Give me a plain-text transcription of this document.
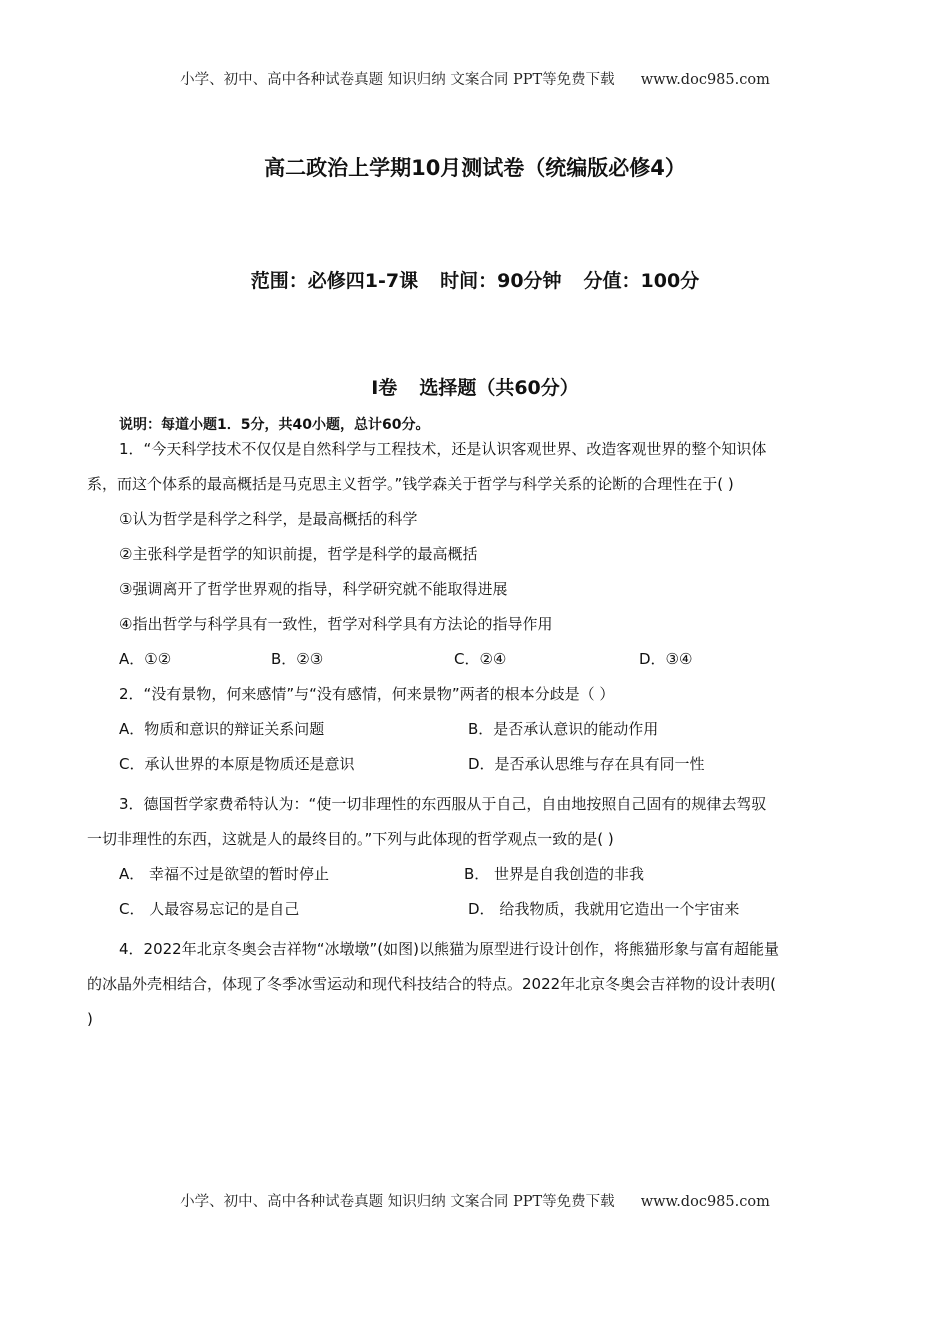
小学、初中、高中各种试卷真题 知识归纳 文案合同 PPT等免费下载 www.doc985.com
高二政治上学期10月测试卷（统编版必修4）
范围：必修四1-7课 时间：90分钟 分值：100分
Ⅰ卷 选择题（共60分）
说明：每道小题1．5分，共40小题，总计60分。
1．“今天科学技术不仅仅是自然科学与工程技术，还是认识客观世界、改造客观世界的整个知识体
系，而这个体系的最高概括是马克思主义哲学。”钱学森关于哲学与科学关系的论断的合理性在于( )
①认为哲学是科学之科学，是最高概括的科学
②主张科学是哲学的知识前提，哲学是科学的最高概括
③强调离开了哲学世界观的指导，科学研究就不能取得进展
④指出哲学与科学具有一致性，哲学对科学具有方法论的指导作用
A．①②	B．②③	C．②④	D．③④
2．“没有景物，何来感情”与“没有感情，何来景物”两者的根本分歧是（ ）
A．物质和意识的辩证关系问题	B．是否承认意识的能动作用
C．承认世界的本原是物质还是意识	D．是否承认思维与存在具有同一性
3．德国哲学家费希特认为：“使一切非理性的东西服从于自己，自由地按照自己固有的规律去驾驭
一切非理性的东西，这就是人的最终目的。”下列与此体现的哲学观点一致的是( )
A． 幸福不过是欲望的暂时停止	B． 世界是自我创造的非我
C． 人最容易忘记的是自己	D． 给我物质，我就用它造出一个宇宙来
4．2022年北京冬奥会吉祥物“冰墩墩”(如图)以熊猫为原型进行设计创作，将熊猫形象与富有超能量
的冰晶外壳相结合，体现了冬季冰雪运动和现代科技结合的特点。2022年北京冬奥会吉祥物的设计表明(
)
小学、初中、高中各种试卷真题 知识归纳 文案合同 PPT等免费下载 www.doc985.com
